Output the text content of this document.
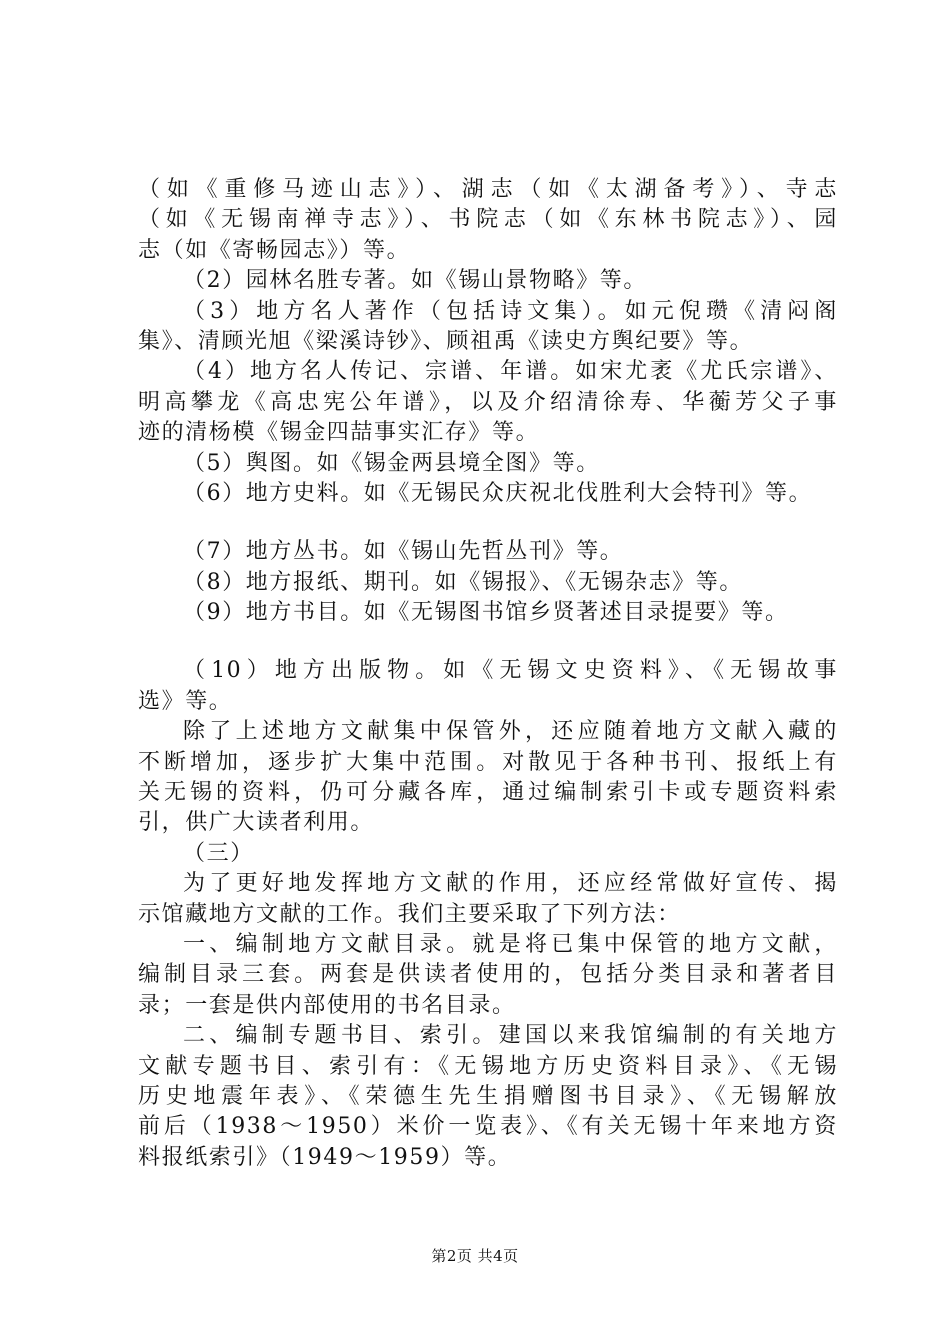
（如《重修马迹山志》）、湖志（如《太湖备考》）、寺志
（如《无锡南禅寺志》）、书院志（如《东林书院志》）、园
志（如《寄畅园志》）等。
（2）园林名胜专著。如《锡山景物略》等。
（3）地方名人著作（包括诗文集）。如元倪瓒《清闷阁
集》、清顾光旭《梁溪诗钞》、顾祖禹《读史方舆纪要》等。
（4）地方名人传记、宗谱、年谱。如宋尤袤《尤氏宗谱》、
明高攀龙《高忠宪公年谱》，以及介绍清徐寿、华蘅芳父子事
迹的清杨模《锡金四喆事实汇存》等。
（5）舆图。如《锡金两县境全图》等。
（6）地方史料。如《无锡民众庆祝北伐胜利大会特刊》等。
（7）地方丛书。如《锡山先哲丛刊》等。
（8）地方报纸、期刊。如《锡报》、《无锡杂志》等。
（9）地方书目。如《无锡图书馆乡贤著述目录提要》等。
（10）地方出版物。如《无锡文史资料》、《无锡故事
选》等。
除了上述地方文献集中保管外，还应随着地方文献入藏的
不断增加，逐步扩大集中范围。对散见于各种书刊、报纸上有
关无锡的资料，仍可分藏各库，通过编制索引卡或专题资料索
引，供广大读者利用。
（三）
为了更好地发挥地方文献的作用，还应经常做好宣传、揭
示馆藏地方文献的工作。我们主要采取了下列方法：
一、编制地方文献目录。就是将已集中保管的地方文献，
编制目录三套。两套是供读者使用的，包括分类目录和著者目
录；一套是供内部使用的书名目录。
二、编制专题书目、索引。建国以来我馆编制的有关地方
文献专题书目、索引有：《无锡地方历史资料目录》、《无锡
历史地震年表》、《荣德生先生捐赠图书目录》、《无锡解放
前后（1938～1950）米价一览表》、《有关无锡十年来地方资
料报纸索引》（1949～1959）等。
第2页 共4页
